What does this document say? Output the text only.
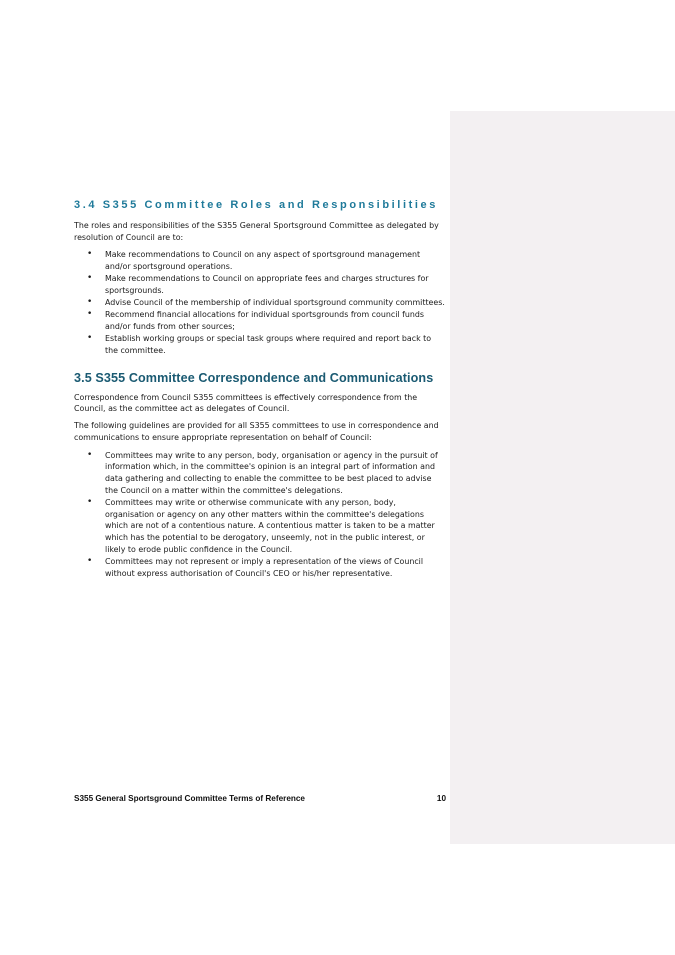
3.4 S355 Committee Roles and Responsibilities

The roles and responsibilities of the S355 General Sportsground Committee as delegated by resolution of Council are to:

• Make recommendations to Council on any aspect of sportsground management and/or sportsground operations.
• Make recommendations to Council on appropriate fees and charges structures for sportsgrounds.
• Advise Council of the membership of individual sportsground community committees.
• Recommend financial allocations for individual sportsgrounds from council funds and/or funds from other sources;
• Establish working groups or special task groups where required and report back to the committee.
3.5 S355 Committee Correspondence and Communications

Correspondence from Council S355 committees is effectively correspondence from the Council, as the committee act as delegates of Council.

The following guidelines are provided for all S355 committees to use in correspondence and communications to ensure appropriate representation on behalf of Council:

• Committees may write to any person, body, organisation or agency in the pursuit of information which, in the committee's opinion is an integral part of information and data gathering and collecting to enable the committee to be best placed to advise the Council on a matter within the committee's delegations.
• Committees may write or otherwise communicate with any person, body, organisation or agency on any other matters within the committee's delegations which are not of a contentious nature. A contentious matter is taken to be a matter which has the potential to be derogatory, unseemly, not in the public interest, or likely to erode public confidence in the Council.
• Committees may not represent or imply a representation of the views of Council without express authorisation of Council's CEO or his/her representative.
S355 General Sportsground Committee Terms of Reference	10
